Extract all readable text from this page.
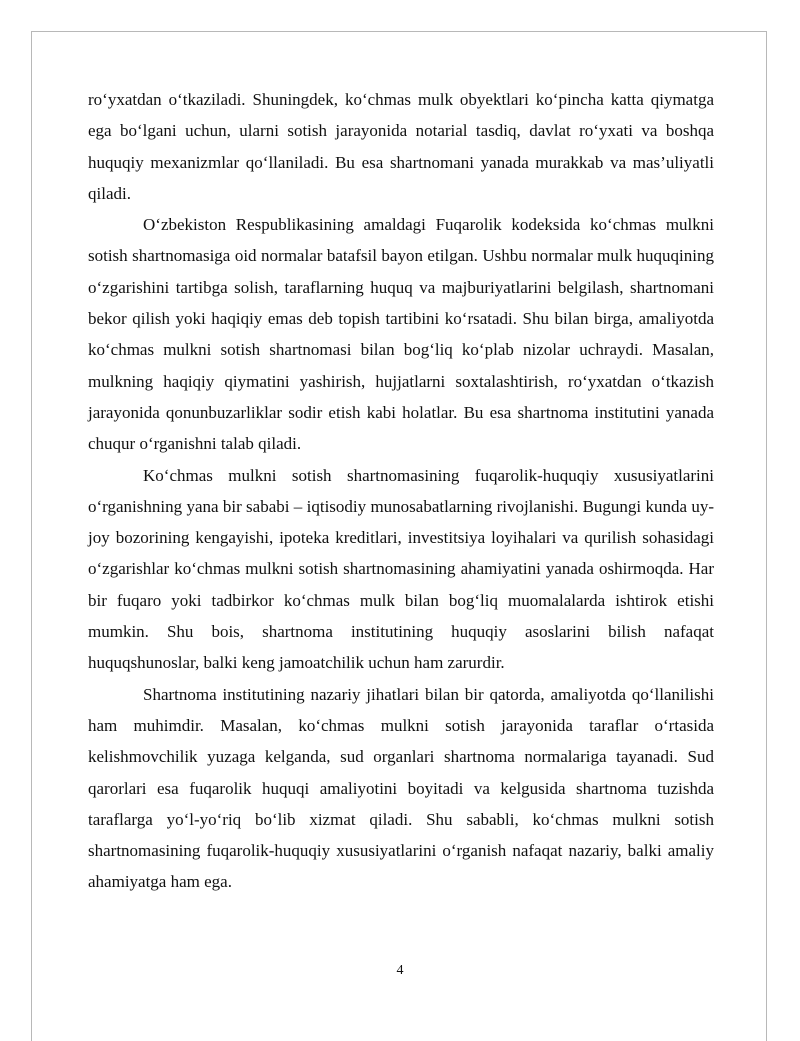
ro‘yxatdan o‘tkaziladi. Shuningdek, ko‘chmas mulk obyektlari ko‘pincha katta qiymatga ega bo‘lgani uchun, ularni sotish jarayonida notarial tasdiq, davlat ro‘yxati va boshqa huquqiy mexanizmlar qo‘llaniladi. Bu esa shartnomani yanada murakkab va mas’uliyatli qiladi.

O‘zbekiston Respublikasining amaldagi Fuqarolik kodeksida ko‘chmas mulkni sotish shartnomasiga oid normalar batafsil bayon etilgan. Ushbu normalar mulk huquqining o‘zgarishini tartibga solish, taraflarning huquq va majburiyatlarini belgilash, shartnomani bekor qilish yoki haqiqiy emas deb topish tartibini ko‘rsatadi. Shu bilan birga, amaliyotda ko‘chmas mulkni sotish shartnomasi bilan bog‘liq ko‘plab nizolar uchraydi. Masalan, mulkning haqiqiy qiymatini yashirish, hujjatlarni soxtalashtirish, ro‘yxatdan o‘tkazish jarayonida qonunbuzarliklar sodir etish kabi holatlar. Bu esa shartnoma institutini yanada chuqur o‘rganishni talab qiladi.

Ko‘chmas mulkni sotish shartnomasining fuqarolik-huquqiy xususiyatlarini o‘rganishning yana bir sababi – iqtisodiy munosabatlarning rivojlanishi. Bugungi kunda uy-joy bozorining kengayishi, ipoteka kreditlari, investitsiya loyihalari va qurilish sohasidagi o‘zgarishlar ko‘chmas mulkni sotish shartnomasining ahamiyatini yanada oshirmoqda. Har bir fuqaro yoki tadbirkor ko‘chmas mulk bilan bog‘liq muomalalarda ishtirok etishi mumkin. Shu bois, shartnoma institutining huquqiy asoslarini bilish nafaqat huquqshunoslar, balki keng jamoatchilik uchun ham zarurdir.

Shartnoma institutining nazariy jihatlari bilan bir qatorda, amaliyotda qo‘llanilishi ham muhimdir. Masalan, ko‘chmas mulkni sotish jarayonida taraflar o‘rtasida kelishmovchilik yuzaga kelganda, sud organlari shartnoma normalariga tayanadi. Sud qarorlari esa fuqarolik huquqi amaliyotini boyitadi va kelgusida shartnoma tuzishda taraflarga yo‘l-yo‘riq bo‘lib xizmat qiladi. Shu sababli, ko‘chmas mulkni sotish shartnomasining fuqarolik-huquqiy xususiyatlarini o‘rganish nafaqat nazariy, balki amaliy ahamiyatga ham ega.

4
